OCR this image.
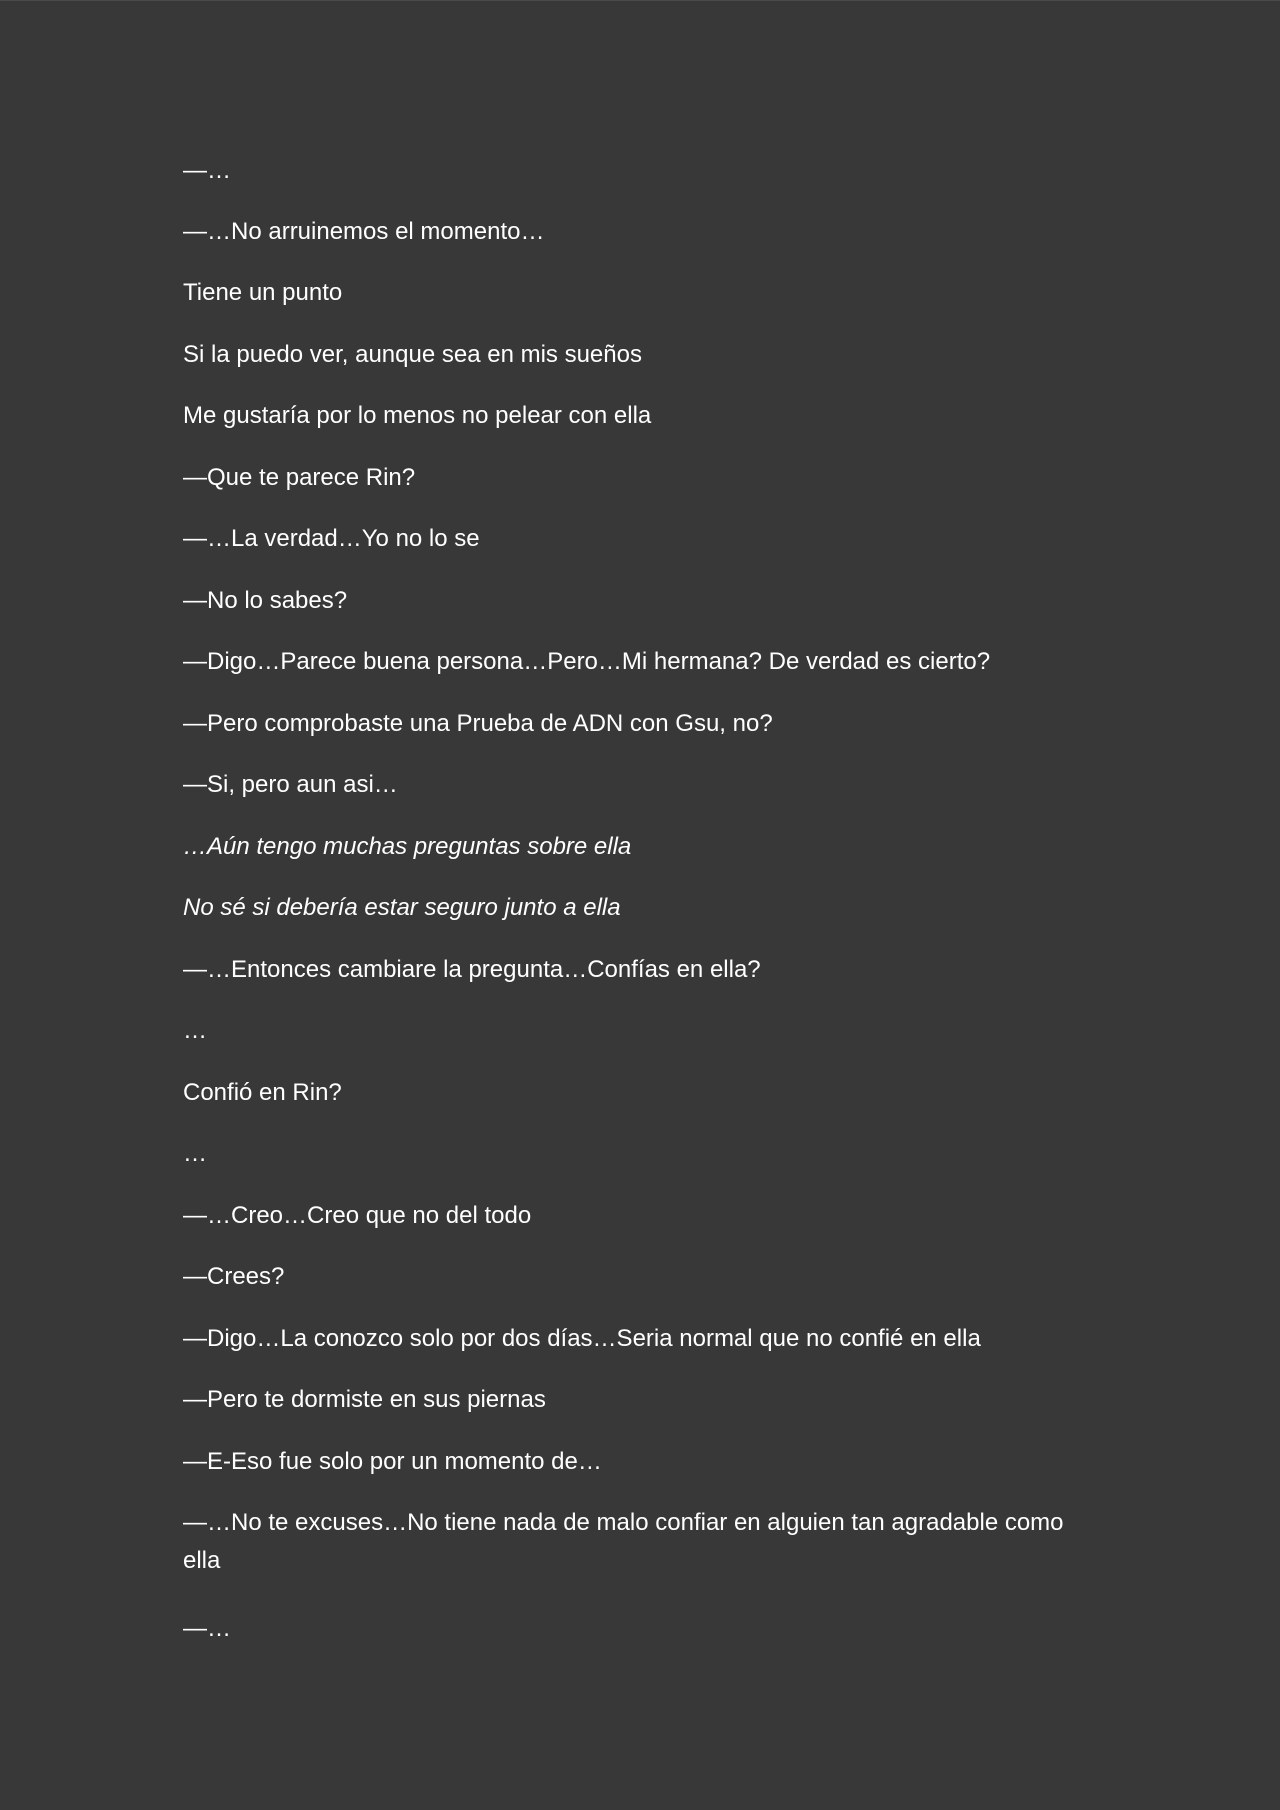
—…

—…No arruinemos el momento…

Tiene un punto

Si la puedo ver, aunque sea en mis sueños

Me gustaría por lo menos no pelear con ella

—Que te parece Rin?

—…La verdad…Yo no lo se

—No lo sabes?

—Digo…Parece buena persona…Pero…Mi hermana? De verdad es cierto?

—Pero comprobaste una Prueba de ADN con Gsu, no?

—Si, pero aun asi…

…Aún tengo muchas preguntas sobre ella

No sé si debería estar seguro junto a ella

—…Entonces cambiare la pregunta…Confías en ella?

…

Confió en Rin?

…

—…Creo…Creo que no del todo

—Crees?

—Digo…La conozco solo por dos días…Seria normal que no confié en ella

—Pero te dormiste en sus piernas

—E-Eso fue solo por un momento de…

—…No te excuses…No tiene nada de malo confiar en alguien tan agradable como ella

—…
